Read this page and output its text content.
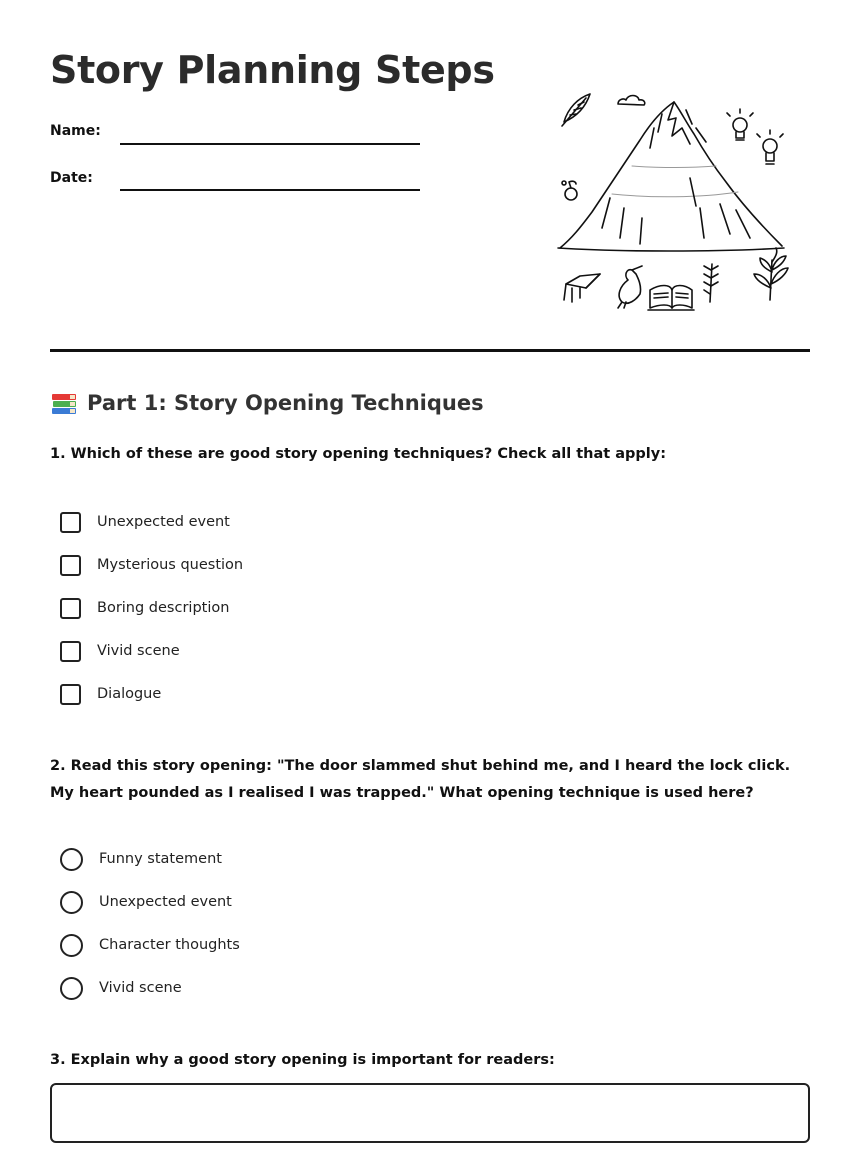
Story Planning Steps
Name:
Date:
Part 1: Story Opening Techniques
1. Which of these are good story opening techniques? Check all that apply:
Unexpected event
Mysterious question
Boring description
Vivid scene
Dialogue
2. Read this story opening: "The door slammed shut behind me, and I heard the lock click. My heart pounded as I realised I was trapped." What opening technique is used here?
Funny statement
Unexpected event
Character thoughts
Vivid scene
3. Explain why a good story opening is important for readers:
